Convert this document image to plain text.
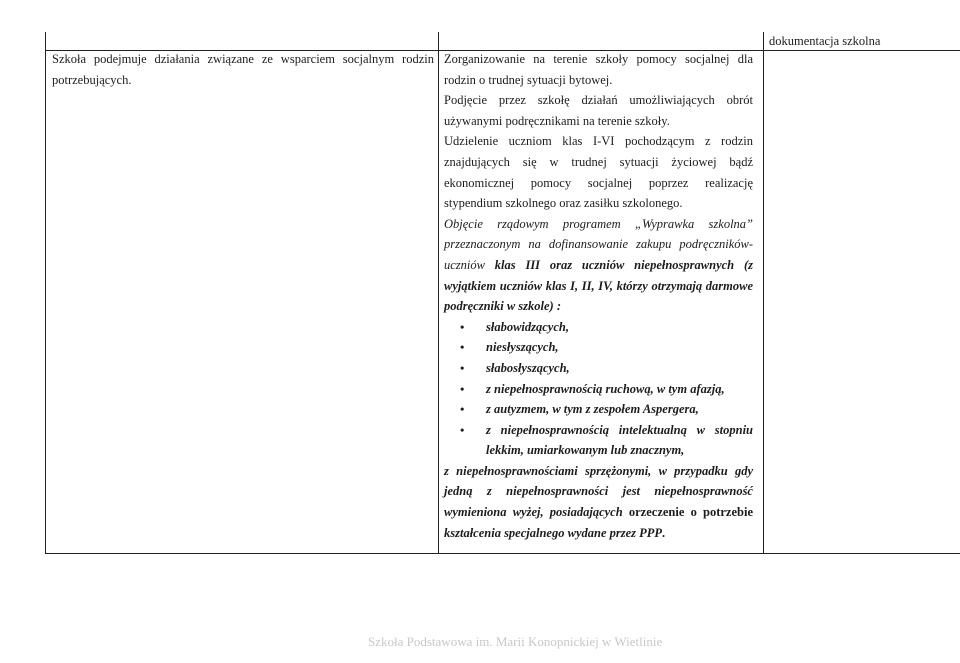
dokumentacja szkolna

Szkoła podejmuje działania związane ze wsparciem socjalnym rodzin potrzebujących.

Zorganizowanie na terenie szkoły pomocy socjalnej dla rodzin o trudnej sytuacji bytowej.

Podjęcie przez szkołę działań umożliwiających obrót używanymi podręcznikami na terenie szkoły.

Udzielenie uczniom klas I-VI pochodzącym z rodzin znajdujących się w trudnej sytuacji życiowej bądź ekonomicznej pomocy socjalnej poprzez realizację stypendium szkolnego oraz zasiłku szkolonego.

Objęcie rządowym programem „Wyprawka szkolna” przeznaczonym na dofinansowanie zakupu podręczników- uczniów klas III oraz uczniów niepełnosprawnych (z wyjątkiem uczniów klas I, II, IV, którzy otrzymają darmowe podręczniki w szkole) :

• słabowidzących,
• niesłyszących,
• słabosłyszących,
• z niepełnosprawnością ruchową, w tym afazją,
• z autyzmem, w tym z zespołem Aspergera,
• z niepełnosprawnością intelektualną w stopniu lekkim, umiarkowanym lub znacznym,

z niepełnosprawnościami sprzężonymi, w przypadku gdy jedną z niepełnosprawności jest niepełnosprawność wymieniona wyżej, posiadających orzeczenie o potrzebie kształcenia specjalnego wydane przez PPP.

Szkoła Podstawowa im. Marii Konopnickiej w Wietlinie
